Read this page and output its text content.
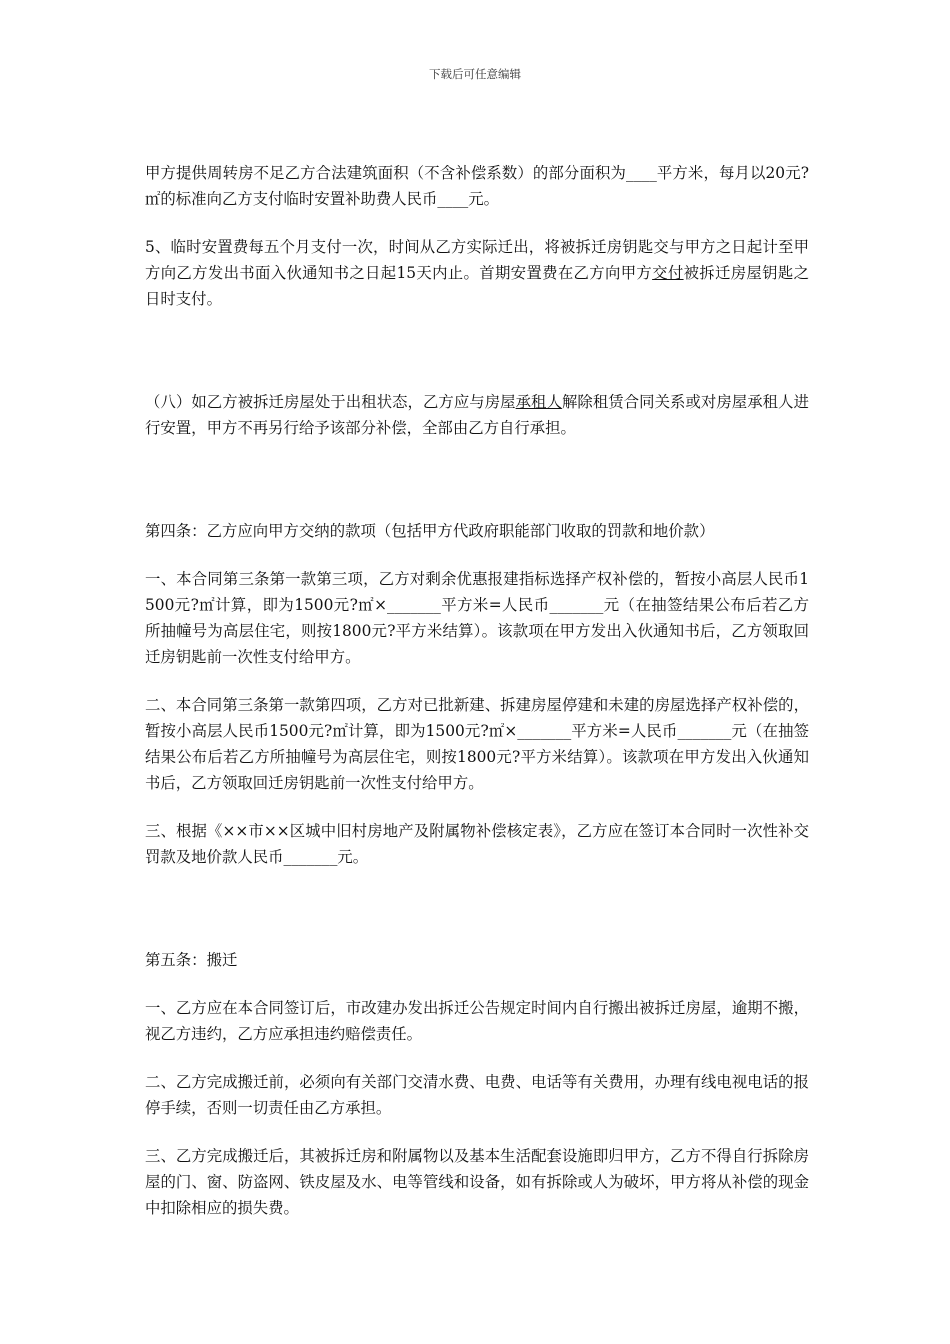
下载后可任意编辑

甲方提供周转房不足乙方合法建筑面积（不含补偿系数）的部分面积为____平方米，每月以20元?㎡的标准向乙方支付临时安置补助费人民币____元。

5、临时安置费每五个月支付一次，时间从乙方实际迁出，将被拆迁房钥匙交与甲方之日起计至甲方向乙方发出书面入伙通知书之日起15天内止。首期安置费在乙方向甲方交付被拆迁房屋钥匙之日时支付。

（八）如乙方被拆迁房屋处于出租状态，乙方应与房屋承租人解除租赁合同关系或对房屋承租人进行安置，甲方不再另行给予该部分补偿，全部由乙方自行承担。

第四条：乙方应向甲方交纳的款项（包括甲方代政府职能部门收取的罚款和地价款）

一、本合同第三条第一款第三项，乙方对剩余优惠报建指标选择产权补偿的，暂按小高层人民币1500元?㎡计算，即为1500元?㎡×_______平方米=人民币_______元（在抽签结果公布后若乙方所抽幢号为高层住宅，则按1800元?平方米结算）。该款项在甲方发出入伙通知书后，乙方领取回迁房钥匙前一次性支付给甲方。

二、本合同第三条第一款第四项，乙方对已批新建、拆建房屋停建和未建的房屋选择产权补偿的，暂按小高层人民币1500元?㎡计算，即为1500元?㎡×_______平方米=人民币_______元（在抽签结果公布后若乙方所抽幢号为高层住宅，则按1800元?平方米结算）。该款项在甲方发出入伙通知书后，乙方领取回迁房钥匙前一次性支付给甲方。

三、根据《××市××区城中旧村房地产及附属物补偿核定表》，乙方应在签订本合同时一次性补交罚款及地价款人民币_______元。

第五条：搬迁

一、乙方应在本合同签订后，市改建办发出拆迁公告规定时间内自行搬出被拆迁房屋，逾期不搬，视乙方违约，乙方应承担违约赔偿责任。

二、乙方完成搬迁前，必须向有关部门交清水费、电费、电话等有关费用，办理有线电视电话的报停手续，否则一切责任由乙方承担。

三、乙方完成搬迁后，其被拆迁房和附属物以及基本生活配套设施即归甲方，乙方不得自行拆除房屋的门、窗、防盗网、铁皮屋及水、电等管线和设备，如有拆除或人为破坏，甲方将从补偿的现金中扣除相应的损失费。
